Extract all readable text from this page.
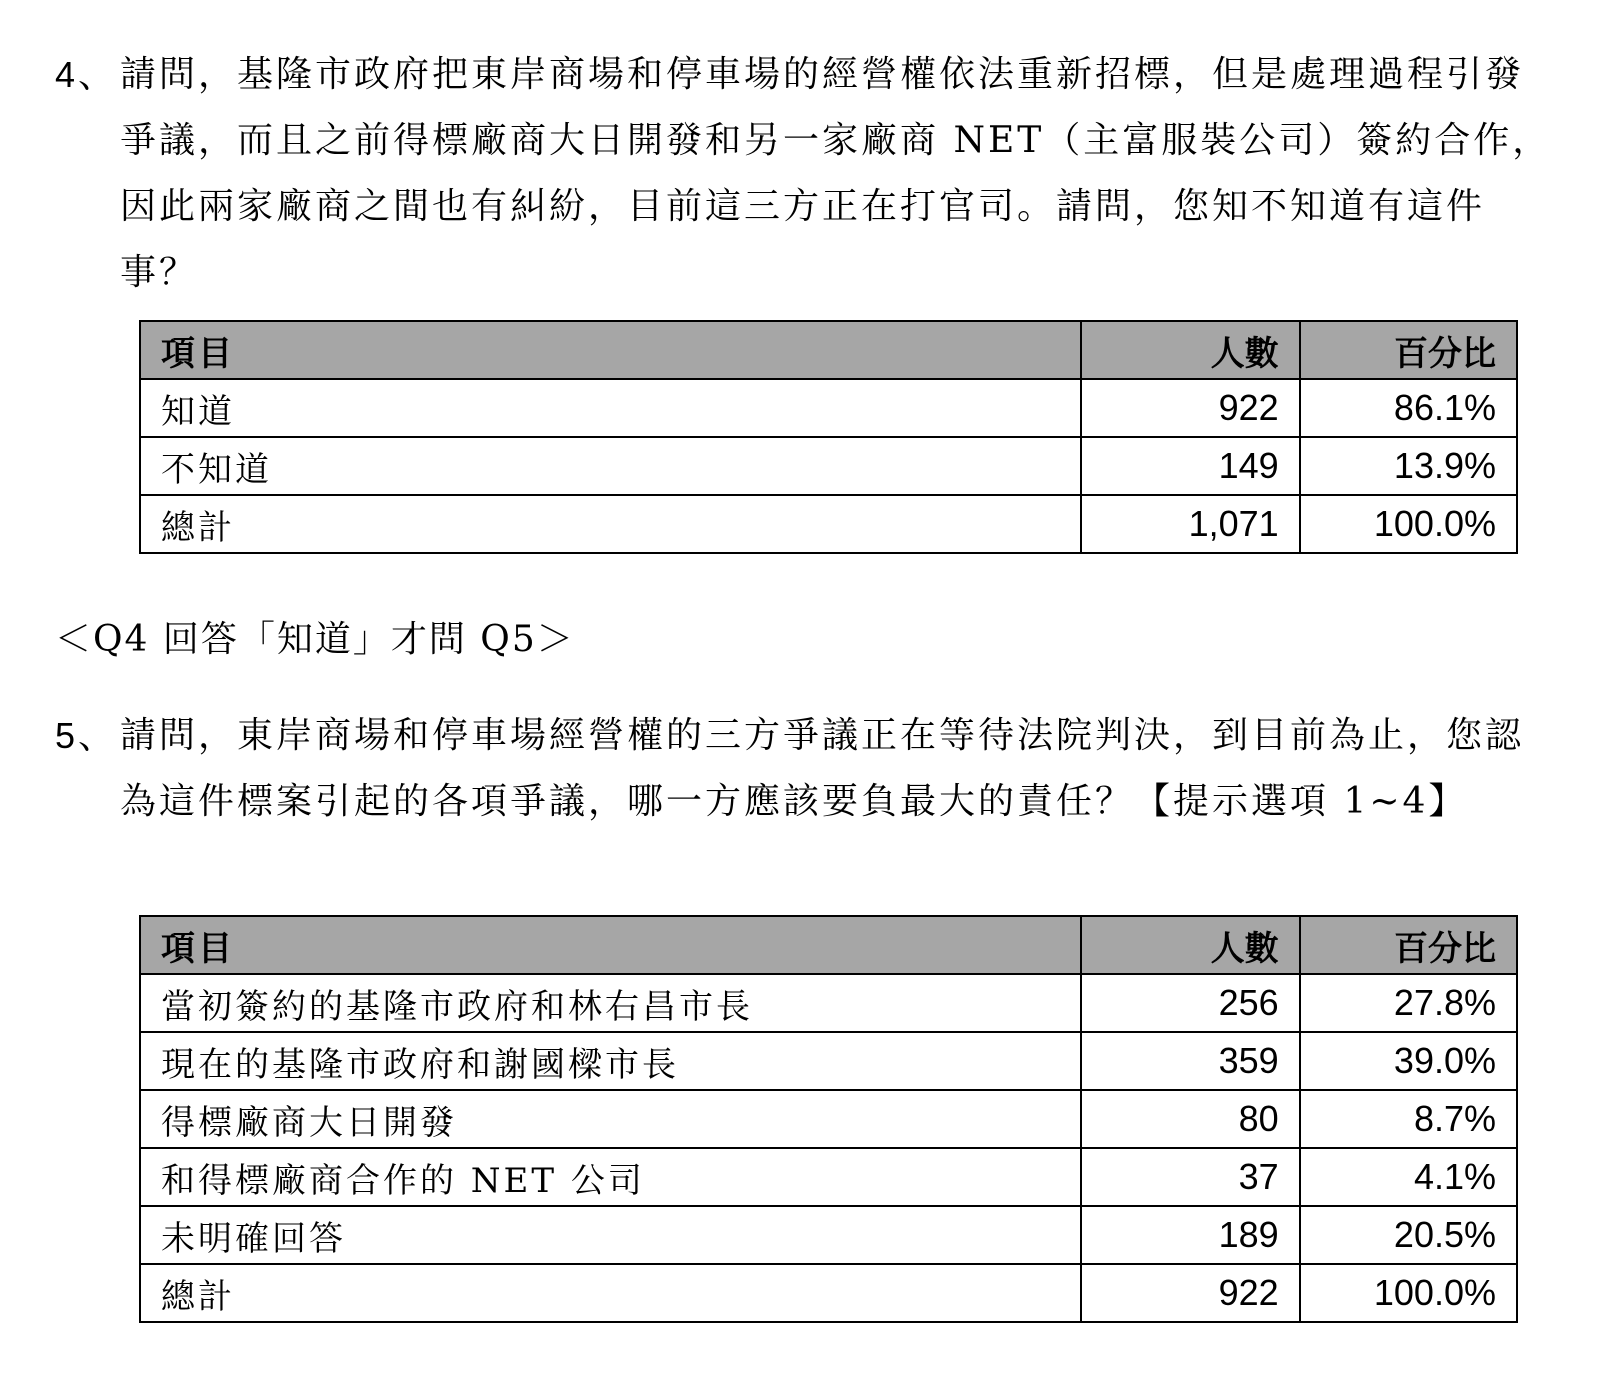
4、 請問，基隆市政府把東岸商場和停車場的經營權依法重新招標，但是處理過程引發爭議，而且之前得標廠商大日開發和另一家廠商 NET（主富服裝公司）簽約合作，因此兩家廠商之間也有糾紛，目前這三方正在打官司。請問，您知不知道有這件事？
項目	人數	百分比
知道	922	86.1%
不知道	149	13.9%
總計	1,071	100.0%
＜Q4 回答「知道」才問 Q5＞
5、 請問，東岸商場和停車場經營權的三方爭議正在等待法院判決，到目前為止，您認為這件標案引起的各項爭議，哪一方應該要負最大的責任？【提示選項 1~4】
項目	人數	百分比
當初簽約的基隆市政府和林右昌市長	256	27.8%
現在的基隆市政府和謝國樑市長	359	39.0%
得標廠商大日開發	80	8.7%
和得標廠商合作的 NET 公司	37	4.1%
未明確回答	189	20.5%
總計	922	100.0%
